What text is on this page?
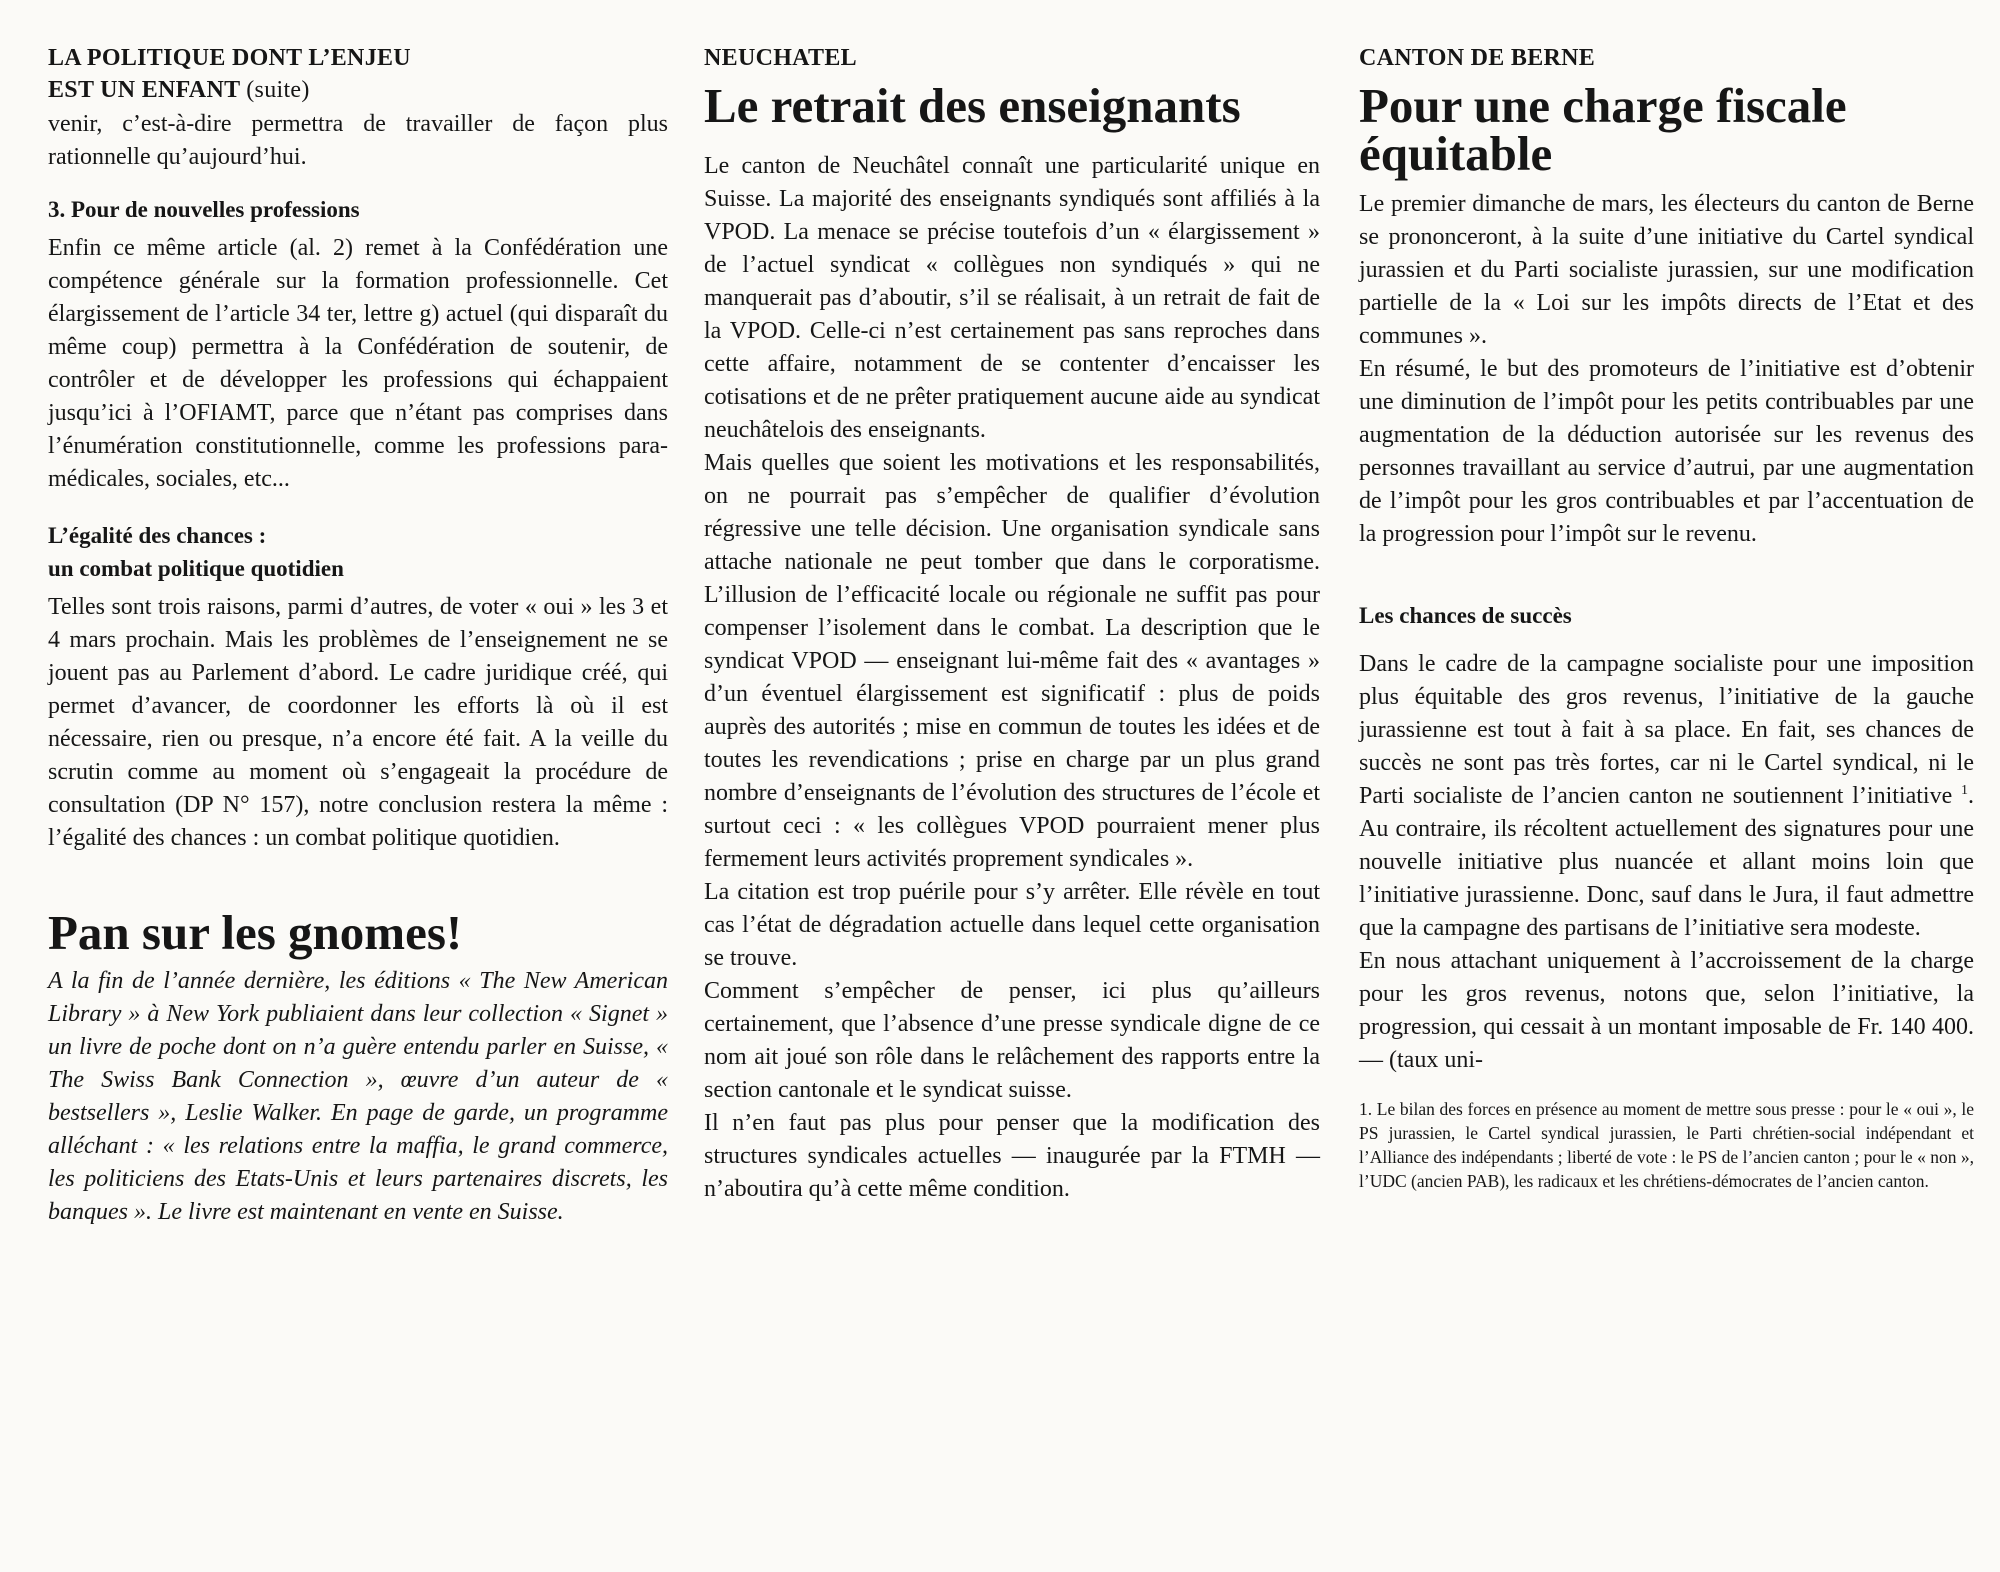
LA POLITIQUE DONT L’ENJEU
EST UN ENFANT (suite)

venir, c’est-à-dire permettra de travailler de façon plus rationnelle qu’aujourd’hui.

3. Pour de nouvelles professions

Enfin ce même article (al. 2) remet à la Confédération une compétence générale sur la formation professionnelle. Cet élargissement de l’article 34 ter, lettre g) actuel (qui disparaît du même coup) permettra à la Confédération de soutenir, de contrôler et de développer les professions qui échappaient jusqu’ici à l’OFIAMT, parce que n’étant pas comprises dans l’énumération constitutionnelle, comme les professions para-médicales, sociales, etc...

L’égalité des chances :
un combat politique quotidien

Telles sont trois raisons, parmi d’autres, de voter « oui » les 3 et 4 mars prochain. Mais les problèmes de l’enseignement ne se jouent pas au Parlement d’abord. Le cadre juridique créé, qui permet d’avancer, de coordonner les efforts là où il est nécessaire, rien ou presque, n’a encore été fait. A la veille du scrutin comme au moment où s’engageait la procédure de consultation (DP N° 157), notre conclusion restera la même : l’égalité des chances : un combat politique quotidien.

Pan sur les gnomes!

A la fin de l’année dernière, les éditions « The New American Library » à New York publiaient dans leur collection « Signet » un livre de poche dont on n’a guère entendu parler en Suisse, « The Swiss Bank Connection », œuvre d’un auteur de « bestsellers », Leslie Walker. En page de garde, un programme alléchant : « les relations entre la maffia, le grand commerce, les politiciens des Etats-Unis et leurs partenaires discrets, les banques ». Le livre est maintenant en vente en Suisse.

NEUCHATEL
Le retrait des enseignants

Le canton de Neuchâtel connaît une particularité unique en Suisse. La majorité des enseignants syndiqués sont affiliés à la VPOD. La menace se précise toutefois d’un « élargissement » de l’actuel syndicat « collègues non syndiqués » qui ne manquerait pas d’aboutir, s’il se réalisait, à un retrait de fait de la VPOD. Celle-ci n’est certainement pas sans reproches dans cette affaire, notamment de se contenter d’encaisser les cotisations et de ne prêter pratiquement aucune aide au syndicat neuchâtelois des enseignants.

Mais quelles que soient les motivations et les responsabilités, on ne pourrait pas s’empêcher de qualifier d’évolution régressive une telle décision. Une organisation syndicale sans attache nationale ne peut tomber que dans le corporatisme. L’illusion de l’efficacité locale ou régionale ne suffit pas pour compenser l’isolement dans le combat. La description que le syndicat VPOD — enseignant lui-même fait des « avantages » d’un éventuel élargissement est significatif : plus de poids auprès des autorités ; mise en commun de toutes les idées et de toutes les revendications ; prise en charge par un plus grand nombre d’enseignants de l’évolution des structures de l’école et surtout ceci : « les collègues VPOD pourraient mener plus fermement leurs activités proprement syndicales ».

La citation est trop puérile pour s’y arrêter. Elle révèle en tout cas l’état de dégradation actuelle dans lequel cette organisation se trouve.

Comment s’empêcher de penser, ici plus qu’ailleurs certainement, que l’absence d’une presse syndicale digne de ce nom ait joué son rôle dans le relâchement des rapports entre la section cantonale et le syndicat suisse.

Il n’en faut pas plus pour penser que la modification des structures syndicales actuelles — inaugurée par la FTMH — n’aboutira qu’à cette même condition.

CANTON DE BERNE
Pour une charge fiscale équitable

Le premier dimanche de mars, les électeurs du canton de Berne se prononceront, à la suite d’une initiative du Cartel syndical jurassien et du Parti socialiste jurassien, sur une modification partielle de la « Loi sur les impôts directs de l’Etat et des communes ».

En résumé, le but des promoteurs de l’initiative est d’obtenir une diminution de l’impôt pour les petits contribuables par une augmentation de la déduction autorisée sur les revenus des personnes travaillant au service d’autrui, par une augmentation de l’impôt pour les gros contribuables et par l’accentuation de la progression pour l’impôt sur le revenu.

Les chances de succès

Dans le cadre de la campagne socialiste pour une imposition plus équitable des gros revenus, l’initiative de la gauche jurassienne est tout à fait à sa place. En fait, ses chances de succès ne sont pas très fortes, car ni le Cartel syndical, ni le Parti socialiste de l’ancien canton ne soutiennent l’initiative $^1$. Au contraire, ils récoltent actuellement des signatures pour une nouvelle initiative plus nuancée et allant moins loin que l’initiative jurassienne. Donc, sauf dans le Jura, il faut admettre que la campagne des partisans de l’initiative sera modeste.

En nous attachant uniquement à l’accroissement de la charge pour les gros revenus, notons que, selon l’initiative, la progression, qui cessait à un montant imposable de Fr. 140 400.— (taux uni-

1. Le bilan des forces en présence au moment de mettre sous presse : pour le « oui », le PS jurassien, le Cartel syndical jurassien, le Parti chrétien-social indépendant et l’Alliance des indépendants ; liberté de vote : le PS de l’ancien canton ; pour le « non », l’UDC (ancien PAB), les radicaux et les chrétiens-démocrates de l’ancien canton.
